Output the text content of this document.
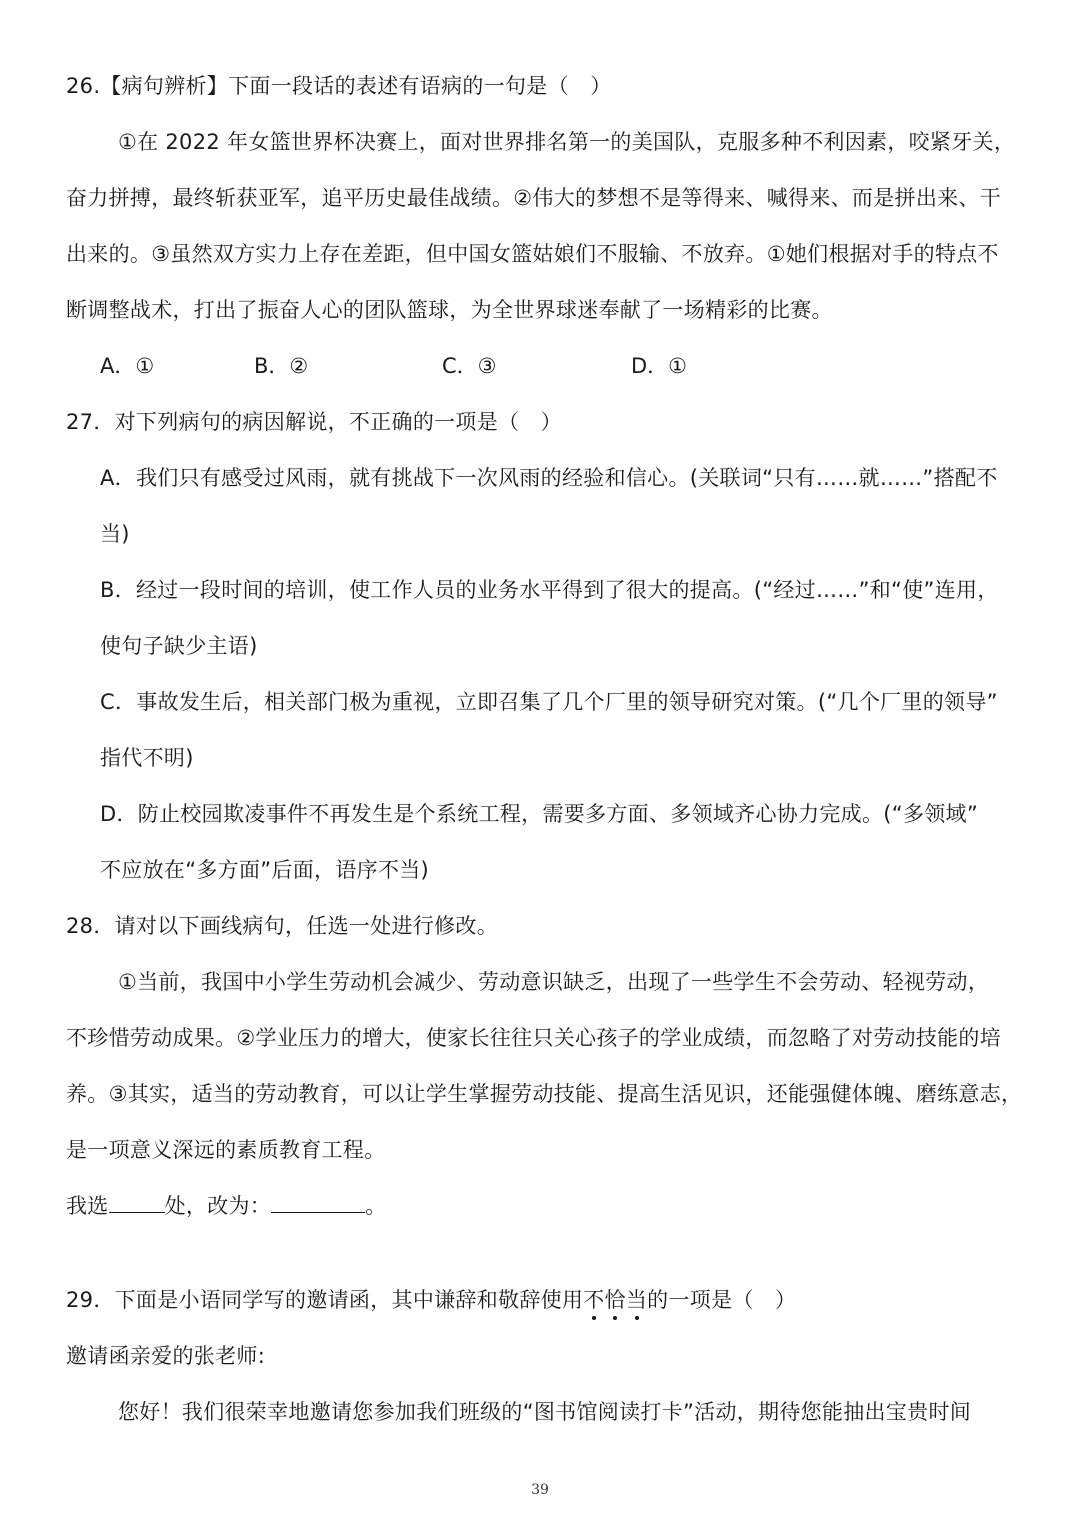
26.【病句辨析】下面一段话的表述有语病的一句是（　）
①在 2022 年女篮世界杯决赛上，面对世界排名第一的美国队，克服多种不利因素，咬紧牙关，
奋力拼搏，最终斩获亚军，追平历史最佳战绩。②伟大的梦想不是等得来、喊得来、而是拼出来、干
出来的。③虽然双方实力上存在差距，但中国女篮姑娘们不服输、不放弃。①她们根据对手的特点不
断调整战术，打出了振奋人心的团队篮球，为全世界球迷奉献了一场精彩的比赛。
A．①	B．②	C．③	D．①
27．对下列病句的病因解说，不正确的一项是（　）
A．我们只有感受过风雨，就有挑战下一次风雨的经验和信心。(关联词“只有……就……”搭配不
当)
B．经过一段时间的培训，使工作人员的业务水平得到了很大的提高。(“经过……”和“使”连用，
使句子缺少主语)
C．事故发生后，相关部门极为重视，立即召集了几个厂里的领导研究对策。(“几个厂里的领导”
指代不明)
D．防止校园欺凌事件不再发生是个系统工程，需要多方面、多领域齐心协力完成。(“多领域”
不应放在“多方面”后面，语序不当)
28．请对以下画线病句，任选一处进行修改。
①当前，我国中小学生劳动机会减少、劳动意识缺乏，出现了一些学生不会劳动、轻视劳动，
不珍惜劳动成果。②学业压力的增大，使家长往往只关心孩子的学业成绩，而忽略了对劳动技能的培
养。③其实，适当的劳动教育，可以让学生掌握劳动技能、提高生活见识，还能强健体魄、磨练意志，
是一项意义深远的素质教育工程。
我选	处，改为：	。
29．下面是小语同学写的邀请函，其中谦辞和敬辞使用不恰当的一项是（　）
邀请函亲爱的张老师:
您好！我们很荣幸地邀请您参加我们班级的“图书馆阅读打卡”活动，期待您能抽出宝贵时间
39
